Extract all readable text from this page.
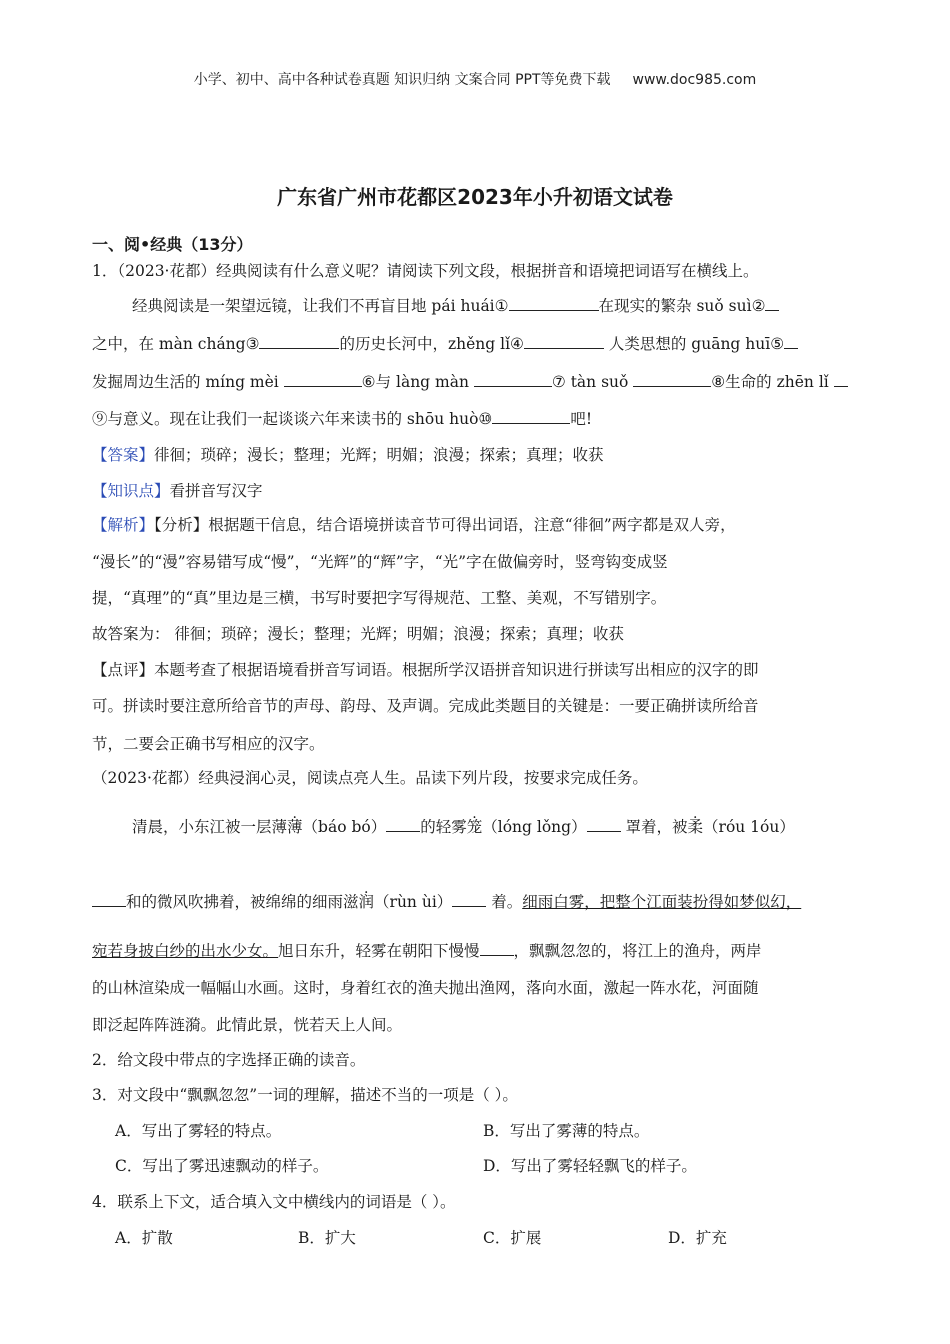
小学、初中、高中各种试卷真题 知识归纳 文案合同 PPT等免费下载 www.doc985.com
广东省广州市花都区2023年小升初语文试卷
一、阅•经典（13分）
1．（2023·花都）经典阅读有什么意义呢？请阅读下列文段，根据拼音和语境把词语写在横线上。
经典阅读是一架望远镜，让我们不再盲目地 pái huái①	在现实的繁杂 suǒ suì②
之中，在 màn cháng③	的历史长河中，zhěng lǐ④	人类思想的 guāng huī⑤
发掘周边生活的 míng mèi	⑥与 làng màn	⑦ tàn suǒ	⑧生命的 zhēn lǐ
⑨与意义。现在让我们一起谈谈六年来读书的 shōu huò⑩	吧!
【答案】徘徊；琐碎；漫长；整理；光辉；明媚；浪漫；探索；真理；收获
【知识点】看拼音写汉字
【解析】【分析】根据题干信息，结合语境拼读音节可得出词语，注意“徘徊”两字都是双人旁，
“漫长”的“漫”容易错写成“慢”，“光辉”的“辉”字，“光”字在做偏旁时，竖弯钩变成竖
提，“真理”的“真”里边是三横，书写时要把字写得规范、工整、美观，不写错别字。
故答案为： 徘徊；琐碎；漫长；整理；光辉；明媚；浪漫；探索；真理；收获
【点评】本题考查了根据语境看拼音写词语。根据所学汉语拼音知识进行拼读写出相应的汉字的即
可。拼读时要注意所给音节的声母、韵母、及声调。完成此类题目的关键是：一要正确拼读所给音
节，二要会正确书写相应的汉字。
（2023·花都）经典浸润心灵，阅读点亮人生。品读下列片段，按要求完成任务。
清晨，小东江被一层薄薄（báo bó） 的轻雾笼（lóng lǒng） 罩着，被柔（róu 1óu）
和的微风吹拂着，被绵绵的细雨滋润（rùn ùi） 着。细雨白雾，把整个江面装扮得如梦似幻，
宛若身披白纱的出水少女。旭日东升，轻雾在朝阳下慢慢 ，飘飘忽忽的，将江上的渔舟，两岸
的山林渲染成一幅幅山水画。这时，身着红衣的渔夫抛出渔网，落向水面，激起一阵水花，河面随
即泛起阵阵涟漪。此情此景，恍若天上人间。
2．给文段中带点的字选择正确的读音。
3．对文段中“飘飘忽忽”一词的理解，描述不当的一项是（ ）。
A．写出了雾轻的特点。	B．写出了雾薄的特点。
C．写出了雾迅速飘动的样子。	D．写出了雾轻轻飘飞的样子。
4．联系上下文，适合填入文中横线内的词语是（ ）。
A．扩散	B．扩大	C．扩展	D．扩充
